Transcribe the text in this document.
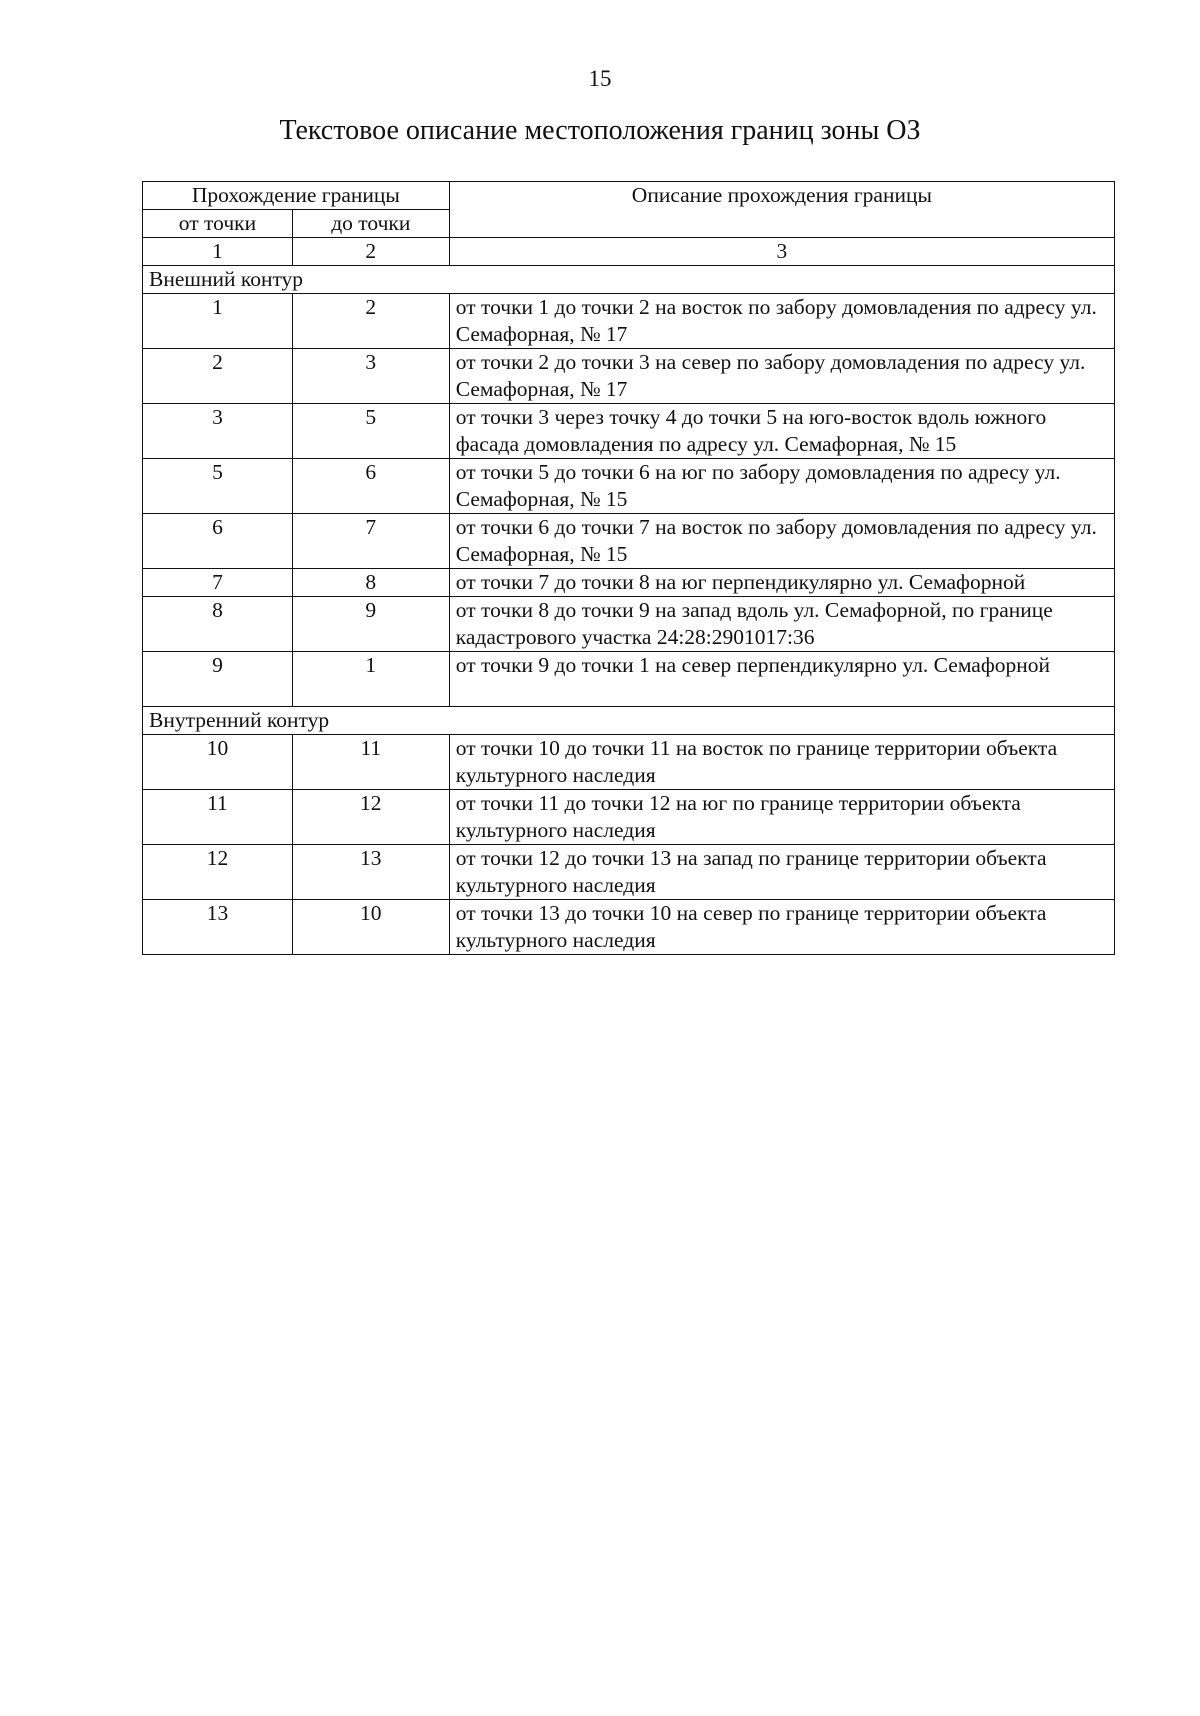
15
Текстовое описание местоположения границ зоны ОЗ
Прохождение границы		Описание прохождения границы
от точки	до точки	
1	2	3
Внешний контур		
1	2	от точки 1 до точки 2 на восток по забору домовладения по адресу ул. Семафорная, № 17
2	3	от точки 2 до точки 3 на север по забору домовладения по адресу ул. Семафорная, № 17
3	5	от точки 3 через точку 4 до точки 5 на юго-восток вдоль южного фасада домовладения по адресу ул. Семафорная, № 15
5	6	от точки 5 до точки 6 на юг по забору домовладения по адресу ул. Семафорная, № 15
6	7	от точки 6 до точки 7 на восток по забору домовладения по адресу ул. Семафорная, № 15
7	8	от точки 7 до точки 8 на юг перпендикулярно ул. Семафорной
8	9	от точки 8 до точки 9 на запад вдоль ул. Семафорной, по границе кадастрового участка 24:28:2901017:36
9	1	от точки 9 до точки 1 на север перпендикулярно ул. Семафорной
Внутренний контур		
10	11	от точки 10 до точки 11 на восток по границе территории объекта культурного наследия
11	12	от точки 11 до точки 12 на юг по границе территории объекта культурного наследия
12	13	от точки 12 до точки 13 на запад по границе территории объекта культурного наследия
13	10	от точки 13 до точки 10 на север по границе территории объекта культурного наследия
